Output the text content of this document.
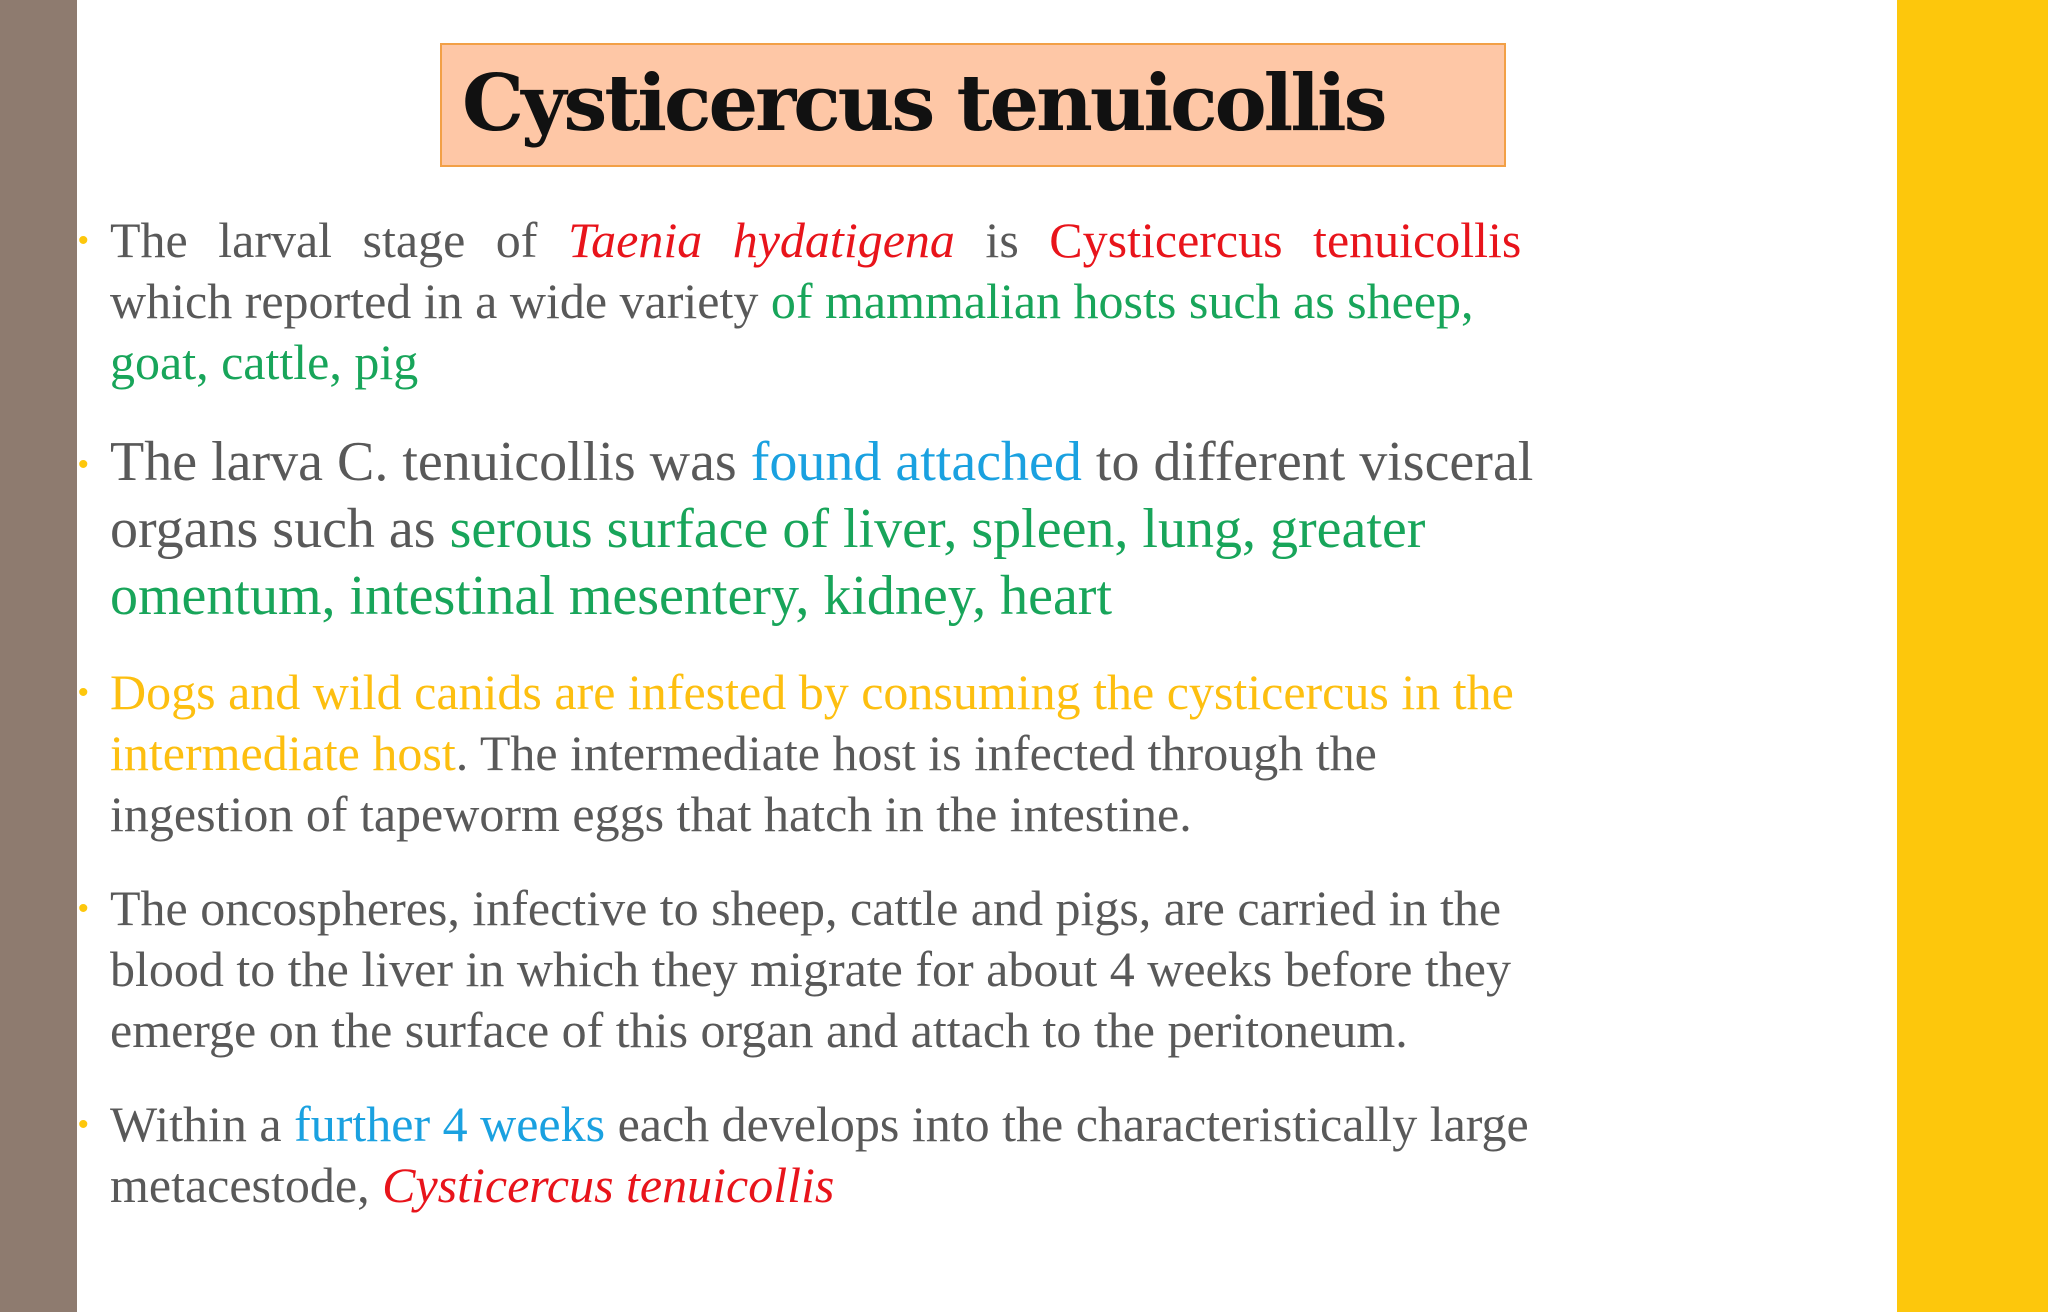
Cysticercus tenuicollis
• The larval stage of Taenia hydatigena is Cysticercus tenuicollis
which reported in a wide variety of mammalian hosts such as sheep,
goat, cattle, pig
• The larva C. tenuicollis was found attached to different visceral
organs such as serous surface of liver, spleen, lung, greater
omentum, intestinal mesentery, kidney, heart
• Dogs and wild canids are infested by consuming the cysticercus in the
intermediate host. The intermediate host is infected through the
ingestion of tapeworm eggs that hatch in the intestine.
• The oncospheres, infective to sheep, cattle and pigs, are carried in the
blood to the liver in which they migrate for about 4 weeks before they
emerge on the surface of this organ and attach to the peritoneum.
• Within a further 4 weeks each develops into the characteristically large
metacestode, Cysticercus tenuicollis
